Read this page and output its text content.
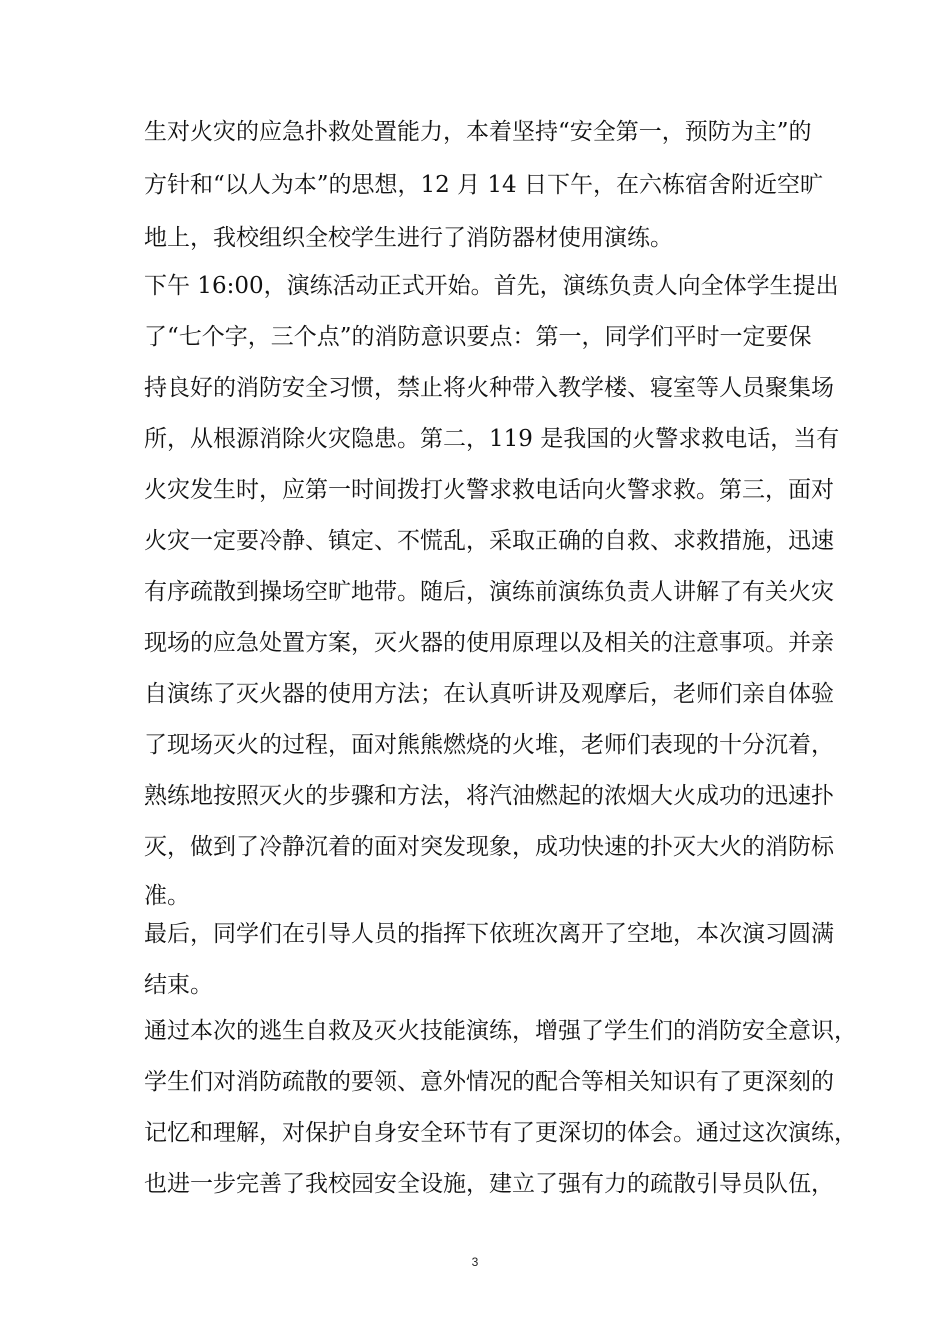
生对火灾的应急扑救处置能力，本着坚持“安全第一，预防为主”的
方针和“以人为本”的思想，12 月 14 日下午，在六栋宿舍附近空旷
地上，我校组织全校学生进行了消防器材使用演练。
下午 16:00，演练活动正式开始。首先，演练负责人向全体学生提出
了“七个字，三个点”的消防意识要点：第一，同学们平时一定要保
持良好的消防安全习惯，禁止将火种带入教学楼、寝室等人员聚集场
所，从根源消除火灾隐患。第二，119 是我国的火警求救电话，当有
火灾发生时，应第一时间拨打火警求救电话向火警求救。第三，面对
火灾一定要冷静、镇定、不慌乱，采取正确的自救、求救措施，迅速
有序疏散到操场空旷地带。随后，演练前演练负责人讲解了有关火灾
现场的应急处置方案，灭火器的使用原理以及相关的注意事项。并亲
自演练了灭火器的使用方法；在认真听讲及观摩后，老师们亲自体验
了现场灭火的过程，面对熊熊燃烧的火堆，老师们表现的十分沉着，
熟练地按照灭火的步骤和方法，将汽油燃起的浓烟大火成功的迅速扑
灭，做到了冷静沉着的面对突发现象，成功快速的扑灭大火的消防标
准。
最后，同学们在引导人员的指挥下依班次离开了空地，本次演习圆满
结束。
通过本次的逃生自救及灭火技能演练，增强了学生们的消防安全意识，
学生们对消防疏散的要领、意外情况的配合等相关知识有了更深刻的
记忆和理解，对保护自身安全环节有了更深切的体会。通过这次演练，
也进一步完善了我校园安全设施，建立了强有力的疏散引导员队伍，
3
